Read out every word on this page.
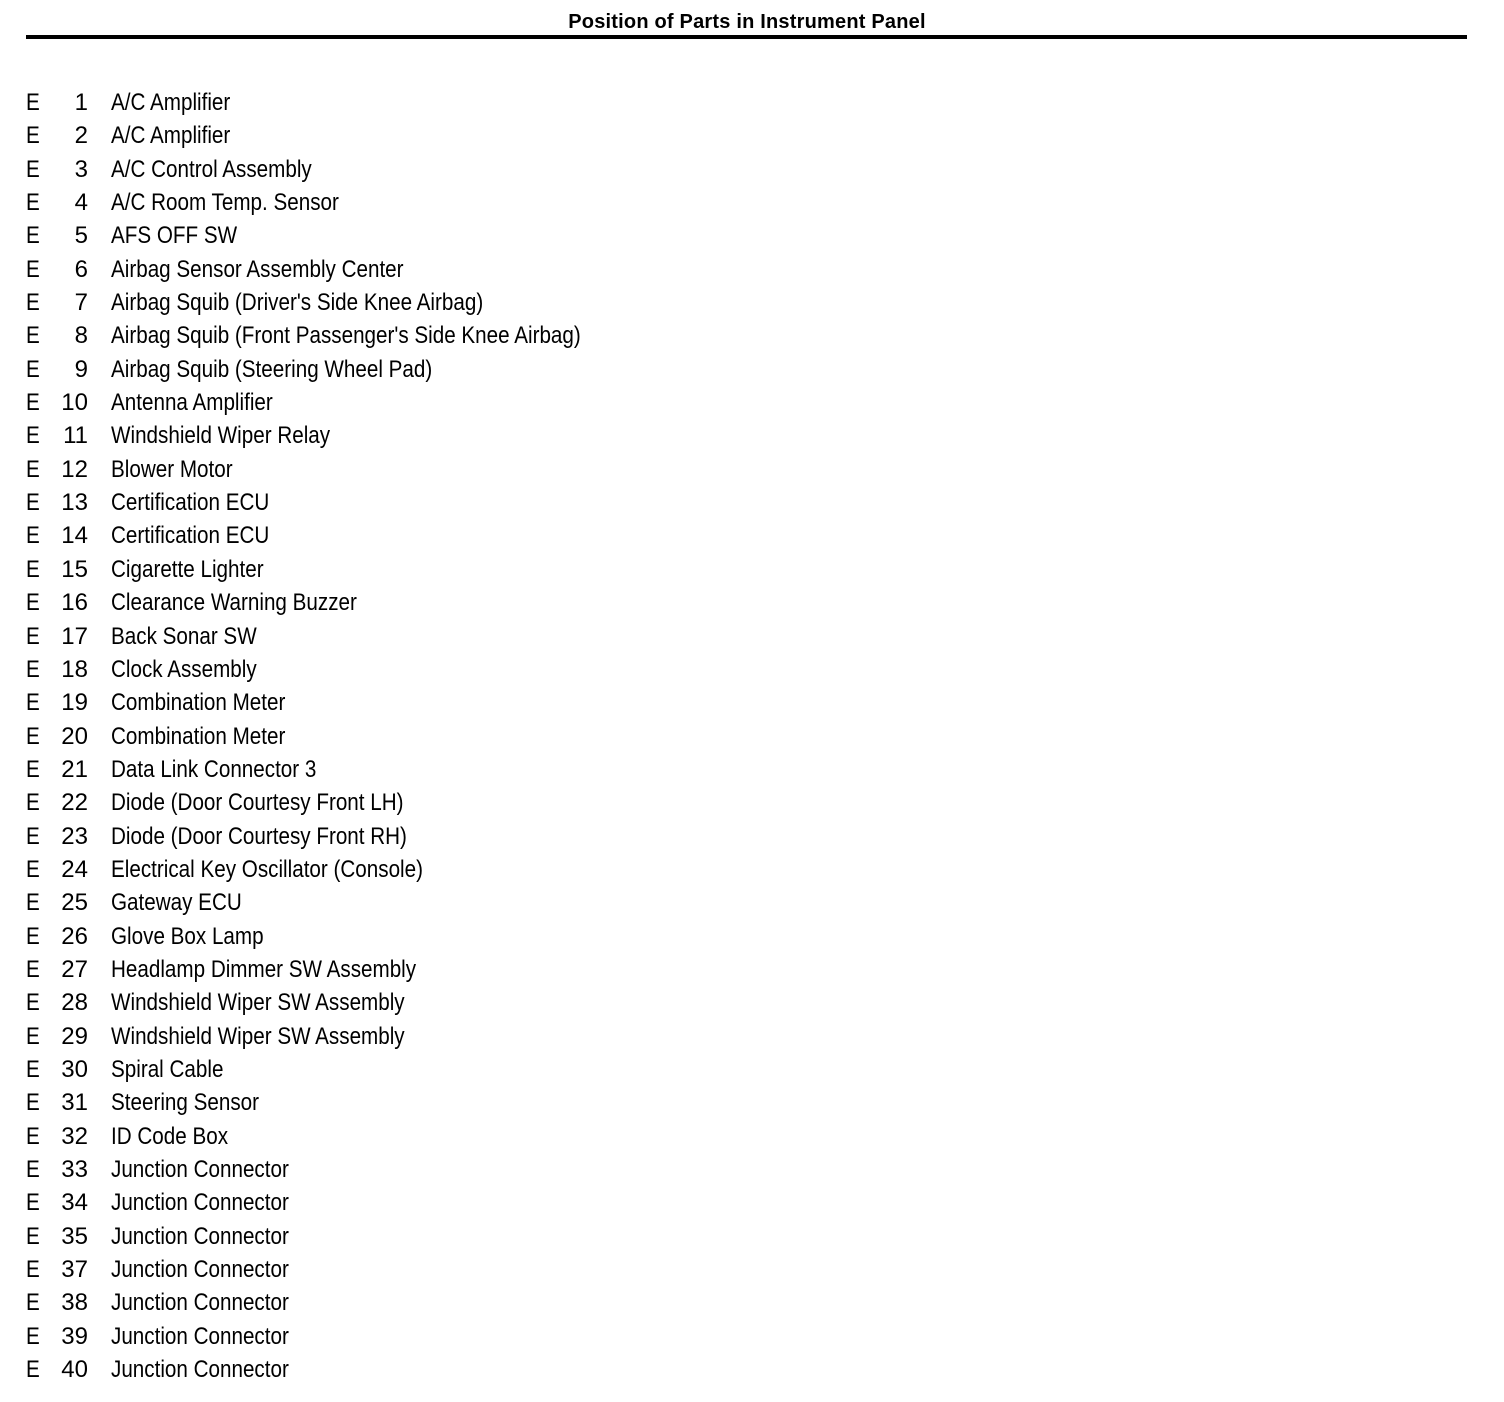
Position of Parts in Instrument Panel
E	1 A/C Amplifier
E	2 A/C Amplifier
E	3 A/C Control Assembly
E	4 A/C Room Temp. Sensor
E	5 AFS OFF SW
E	6 Airbag Sensor Assembly Center
E	7 Airbag Squib (Driver's Side Knee Airbag)
E	8 Airbag Squib (Front Passenger's Side Knee Airbag)
E	9 Airbag Squib (Steering Wheel Pad)
E 10 Antenna Amplifier
E 11 Windshield Wiper Relay
E 12 Blower Motor
E 13 Certification ECU
E 14 Certification ECU
E 15 Cigarette Lighter
E 16 Clearance Warning Buzzer
E 17 Back Sonar SW
E 18 Clock Assembly
E 19 Combination Meter
E 20 Combination Meter
E 21 Data Link Connector 3
E 22 Diode (Door Courtesy Front LH)
E 23 Diode (Door Courtesy Front RH)
E 24 Electrical Key Oscillator (Console)
E 25 Gateway ECU
E 26 Glove Box Lamp
E 27 Headlamp Dimmer SW Assembly
E 28 Windshield Wiper SW Assembly
E 29 Windshield Wiper SW Assembly
E 30 Spiral Cable
E 31 Steering Sensor
E 32 ID Code Box
E 33 Junction Connector
E 34 Junction Connector
E 35 Junction Connector
E 37 Junction Connector
E 38 Junction Connector
E 39 Junction Connector
E 40 Junction Connector
